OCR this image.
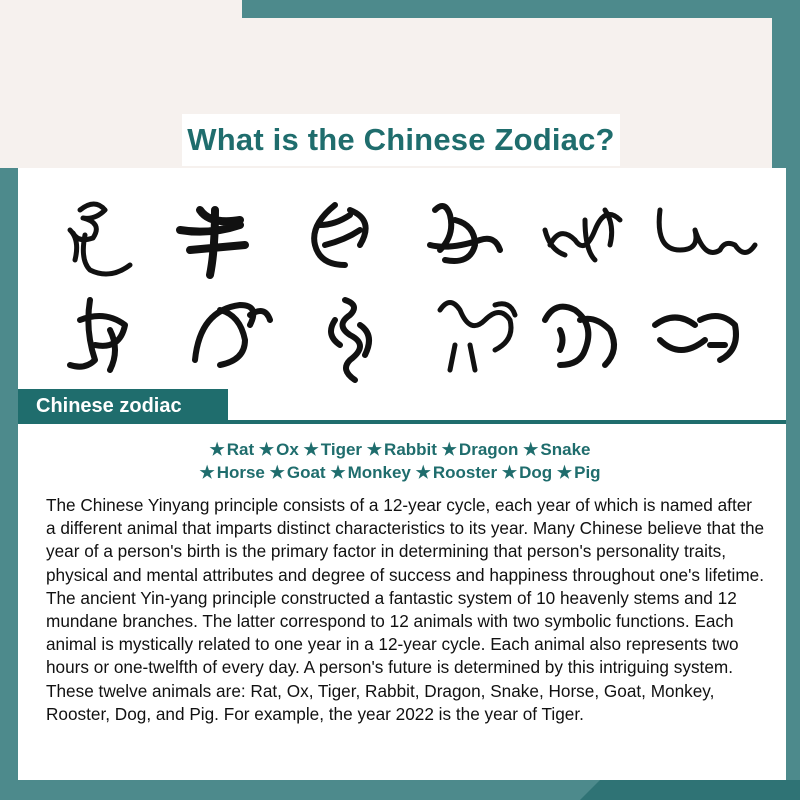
What is the Chinese Zodiac?
Chinese zodiac
★ Rat ★ Ox ★ Tiger ★ Rabbit ★ Dragon ★ Snake
★ Horse ★ Goat ★ Monkey ★ Rooster ★ Dog ★ Pig
The Chinese Yinyang principle consists of a 12-year cycle, each year of which is named after a different animal that imparts distinct characteristics to its year. Many Chinese believe that the year of a person's birth is the primary factor in determining that person's personality traits, physical and mental attributes and degree of success and happiness throughout one's lifetime. The ancient Yin-yang principle constructed a fantastic system of 10 heavenly stems and 12 mundane branches. The latter correspond to 12 animals with two symbolic functions. Each animal is mystically related to one year in a 12-year cycle. Each animal also represents two hours or one-twelfth of every day. A person's future is determined by this intriguing system. These twelve animals are: Rat, Ox, Tiger, Rabbit, Dragon, Snake, Horse, Goat, Monkey, Rooster, Dog, and Pig. For example, the year 2022 is the year of Tiger.
